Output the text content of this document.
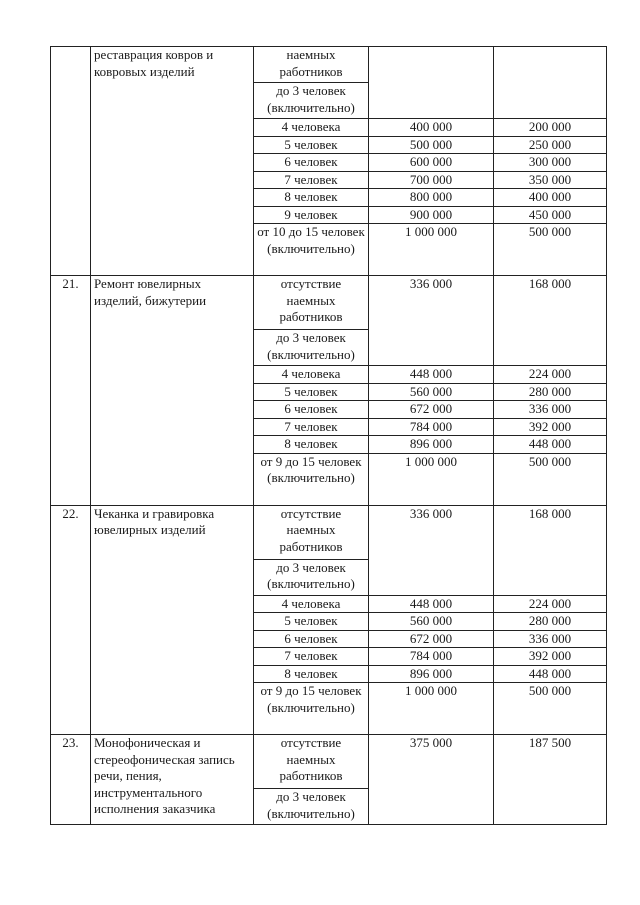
	реставрация ковров и ковровых изделий	наемных работников		
		до 3 человек (включительно)		
		4 человека	400 000	200 000
		5 человек	500 000	250 000
		6 человек	600 000	300 000
		7 человек	700 000	350 000
		8 человек	800 000	400 000
		9 человек	900 000	450 000
		от 10 до 15 человек (включительно)	1 000 000	500 000
21.	Ремонт ювелирных изделий, бижутерии	отсутствие наемных работников	336 000	168 000
		до 3 человек (включительно)		
		4 человека	448 000	224 000
		5 человек	560 000	280 000
		6 человек	672 000	336 000
		7 человек	784 000	392 000
		8 человек	896 000	448 000
		от 9 до 15 человек (включительно)	1 000 000	500 000
22.	Чеканка и гравировка ювелирных изделий	отсутствие наемных работников	336 000	168 000
		до 3 человек (включительно)		
		4 человека	448 000	224 000
		5 человек	560 000	280 000
		6 человек	672 000	336 000
		7 человек	784 000	392 000
		8 человек	896 000	448 000
		от 9 до 15 человек (включительно)	1 000 000	500 000
23.	Монофоническая и стереофоническая запись речи, пения, инструментального исполнения заказчика	отсутствие наемных работников	375 000	187 500
		до 3 человек (включительно)		
